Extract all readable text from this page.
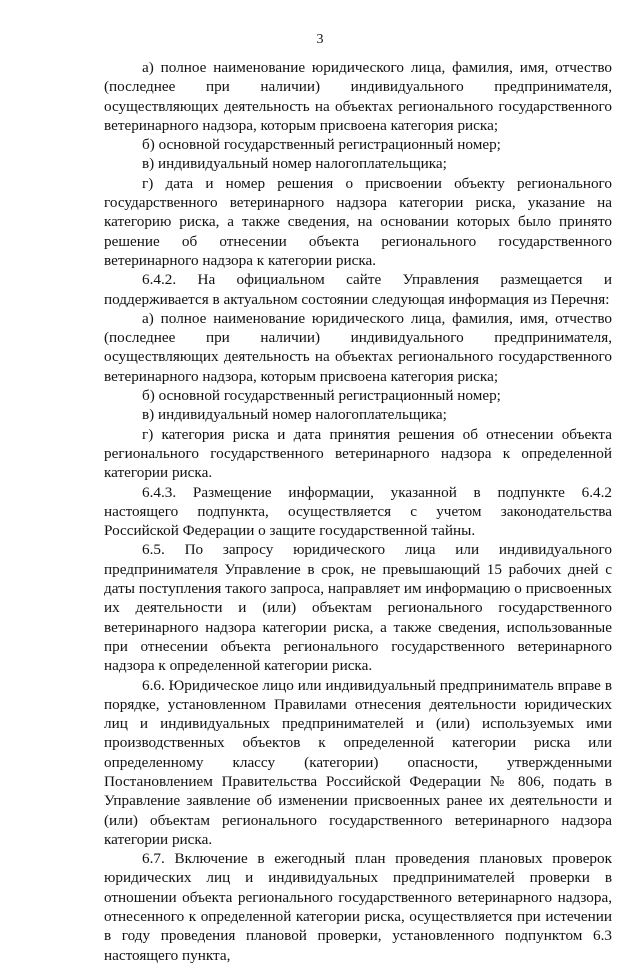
3

а) полное наименование юридического лица, фамилия, имя, отчество (последнее при наличии) индивидуального предпринимателя, осуществляющих деятельность на объектах регионального государственного ветеринарного надзора, которым присвоена категория риска;

б) основной государственный регистрационный номер;

в) индивидуальный номер налогоплательщика;

г) дата и номер решения о присвоении объекту регионального государственного ветеринарного надзора категории риска, указание на категорию риска, а также сведения, на основании которых было принято решение об отнесении объекта регионального государственного ветеринарного надзора к категории риска.

6.4.2. На официальном сайте Управления размещается и поддерживается в актуальном состоянии следующая информация из Перечня:

а) полное наименование юридического лица, фамилия, имя, отчество (последнее при наличии) индивидуального предпринимателя, осуществляющих деятельность на объектах регионального государственного ветеринарного надзора, которым присвоена категория риска;

б) основной государственный регистрационный номер;

в) индивидуальный номер налогоплательщика;

г) категория риска и дата принятия решения об отнесении объекта регионального государственного ветеринарного надзора к определенной категории риска.

6.4.3. Размещение информации, указанной в подпункте 6.4.2 настоящего подпункта, осуществляется с учетом законодательства Российской Федерации о защите государственной тайны.

6.5. По запросу юридического лица или индивидуального предпринимателя Управление в срок, не превышающий 15 рабочих дней с даты поступления такого запроса, направляет им информацию о присвоенных их деятельности и (или) объектам регионального государственного ветеринарного надзора категории риска, а также сведения, использованные при отнесении объекта регионального государственного ветеринарного надзора к определенной категории риска.

6.6. Юридическое лицо или индивидуальный предприниматель вправе в порядке, установленном Правилами отнесения деятельности юридических лиц и индивидуальных предпринимателей и (или) используемых ими производственных объектов к определенной категории риска или определенному классу (категории) опасности, утвержденными Постановлением Правительства Российской Федерации № 806, подать в Управление заявление об изменении присвоенных ранее их деятельности и (или) объектам регионального государственного ветеринарного надзора категории риска.

6.7. Включение в ежегодный план проведения плановых проверок юридических лиц и индивидуальных предпринимателей проверки в отношении объекта регионального государственного ветеринарного надзора, отнесенного к определенной категории риска, осуществляется при истечении в году проведения плановой проверки, установленного подпунктом 6.3 настоящего пункта,
